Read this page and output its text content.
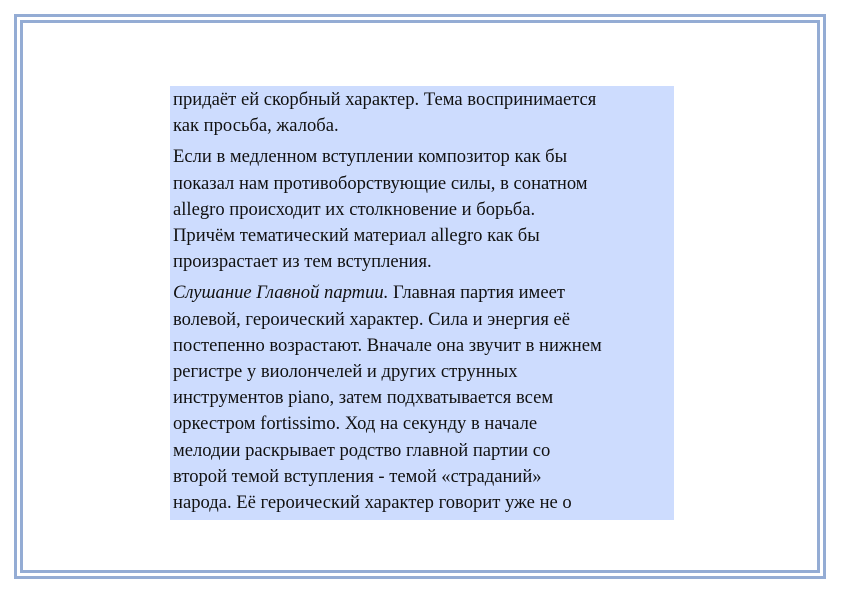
придаёт ей скорбный характер. Тема воспринимается
как просьба, жалоба.

Если в медленном вступлении композитор как бы
показал нам противоборствующие силы, в сонатном
allegro происходит их столкновение и борьба.
Причём тематический материал allegro как бы
произрастает из тем вступления.

Слушание Главной партии. Главная партия имеет
волевой, героический характер. Сила и энергия её
постепенно возрастают. Вначале она звучит в нижнем
регистре у виолончелей и других струнных
инструментов piano, затем подхватывается всем
оркестром fortissimo. Ход на секунду в начале
мелодии раскрывает родство главной партии со
второй темой вступления - темой «страданий»
народа. Её героический характер говорит уже не о
